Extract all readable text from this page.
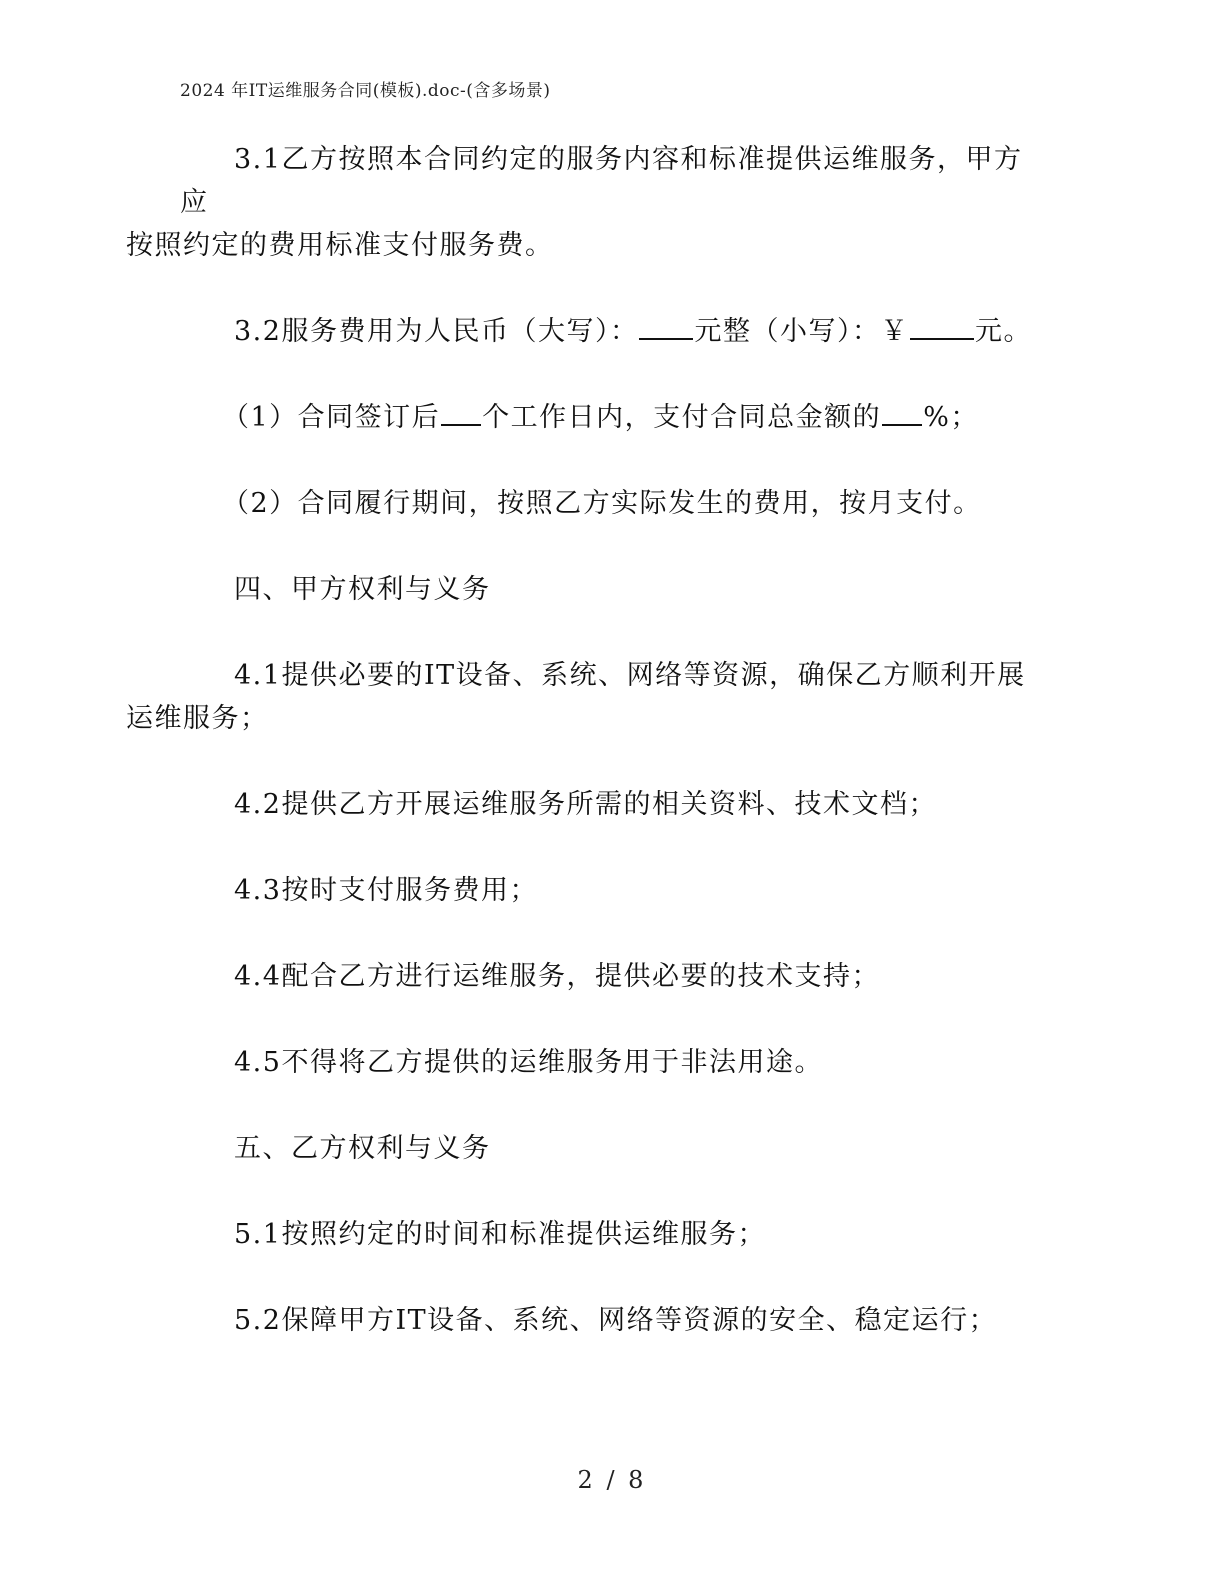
2024 年IT运维服务合同(模板).doc-(含多场景)

3.1乙方按照本合同约定的服务内容和标准提供运维服务，甲方应
按照约定的费用标准支付服务费。

3.2服务费用为人民币（大写）： 元整（小写）：￥ 元。

（1）合同签订后 个工作日内，支付合同总金额的 %；

（2）合同履行期间，按照乙方实际发生的费用，按月支付。

四、甲方权利与义务

4.1提供必要的IT设备、系统、网络等资源，确保乙方顺利开展
运维服务；

4.2提供乙方开展运维服务所需的相关资料、技术文档；

4.3按时支付服务费用；

4.4配合乙方进行运维服务，提供必要的技术支持；

4.5不得将乙方提供的运维服务用于非法用途。

五、乙方权利与义务

5.1按照约定的时间和标准提供运维服务；

5.2保障甲方IT设备、系统、网络等资源的安全、稳定运行；

2 / 8
